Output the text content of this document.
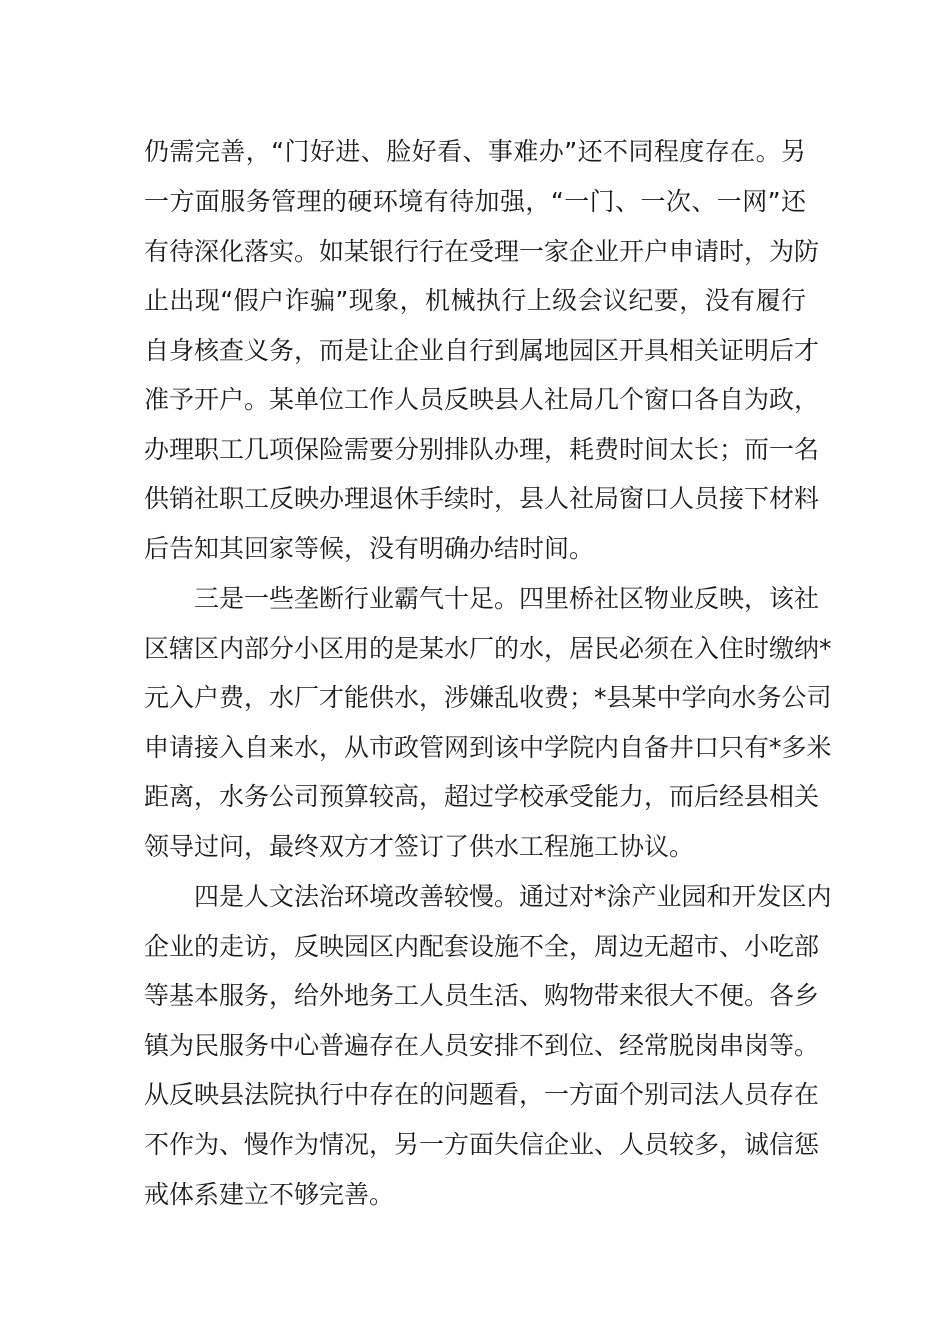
仍需完善，“门好进、脸好看、事难办”还不同程度存在。另
一方面服务管理的硬环境有待加强，“一门、一次、一网”还
有待深化落实。如某银行行在受理一家企业开户申请时，为防
止出现“假户诈骗”现象，机械执行上级会议纪要，没有履行
自身核查义务，而是让企业自行到属地园区开具相关证明后才
准予开户。某单位工作人员反映县人社局几个窗口各自为政，
办理职工几项保险需要分别排队办理，耗费时间太长；而一名
供销社职工反映办理退休手续时，县人社局窗口人员接下材料
后告知其回家等候，没有明确办结时间。
三是一些垄断行业霸气十足。四里桥社区物业反映，该社
区辖区内部分小区用的是某水厂的水，居民必须在入住时缴纳*
元入户费，水厂才能供水，涉嫌乱收费；*县某中学向水务公司
申请接入自来水，从市政管网到该中学院内自备井口只有*多米
距离，水务公司预算较高，超过学校承受能力，而后经县相关
领导过问，最终双方才签订了供水工程施工协议。
四是人文法治环境改善较慢。通过对*涂产业园和开发区内
企业的走访，反映园区内配套设施不全，周边无超市、小吃部
等基本服务，给外地务工人员生活、购物带来很大不便。各乡
镇为民服务中心普遍存在人员安排不到位、经常脱岗串岗等。
从反映县法院执行中存在的问题看，一方面个别司法人员存在
不作为、慢作为情况，另一方面失信企业、人员较多，诚信惩
戒体系建立不够完善。
